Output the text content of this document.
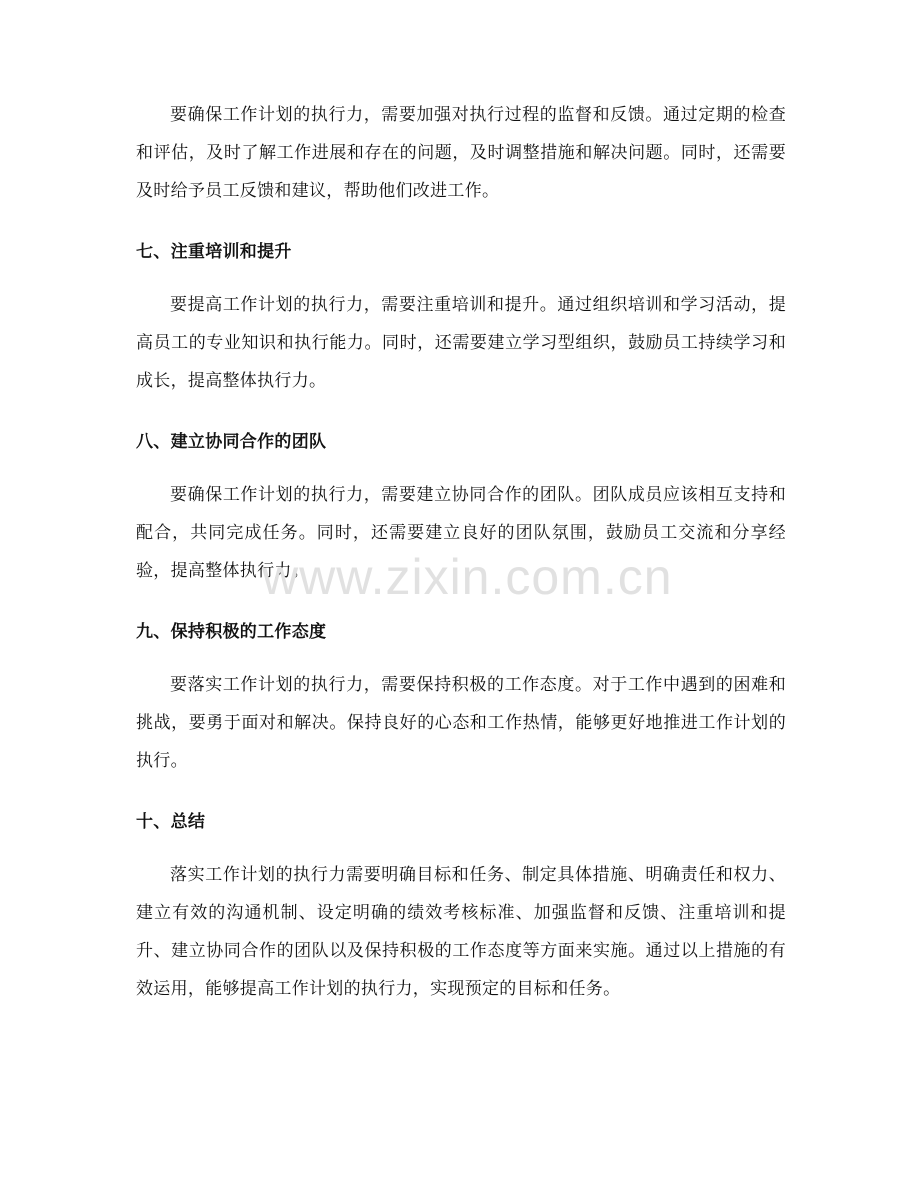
要确保工作计划的执行力，需要加强对执行过程的监督和反馈。通过定期的检查和评估，及时了解工作进展和存在的问题，及时调整措施和解决问题。同时，还需要及时给予员工反馈和建议，帮助他们改进工作。

七、注重培训和提升

要提高工作计划的执行力，需要注重培训和提升。通过组织培训和学习活动，提高员工的专业知识和执行能力。同时，还需要建立学习型组织，鼓励员工持续学习和成长，提高整体执行力。

八、建立协同合作的团队

要确保工作计划的执行力，需要建立协同合作的团队。团队成员应该相互支持和配合，共同完成任务。同时，还需要建立良好的团队氛围，鼓励员工交流和分享经验，提高整体执行力。

九、保持积极的工作态度

要落实工作计划的执行力，需要保持积极的工作态度。对于工作中遇到的困难和挑战，要勇于面对和解决。保持良好的心态和工作热情，能够更好地推进工作计划的执行。

十、总结

落实工作计划的执行力需要明确目标和任务、制定具体措施、明确责任和权力、建立有效的沟通机制、设定明确的绩效考核标准、加强监督和反馈、注重培训和提升、建立协同合作的团队以及保持积极的工作态度等方面来实施。通过以上措施的有效运用，能够提高工作计划的执行力，实现预定的目标和任务。

www.zixin.com.cn
